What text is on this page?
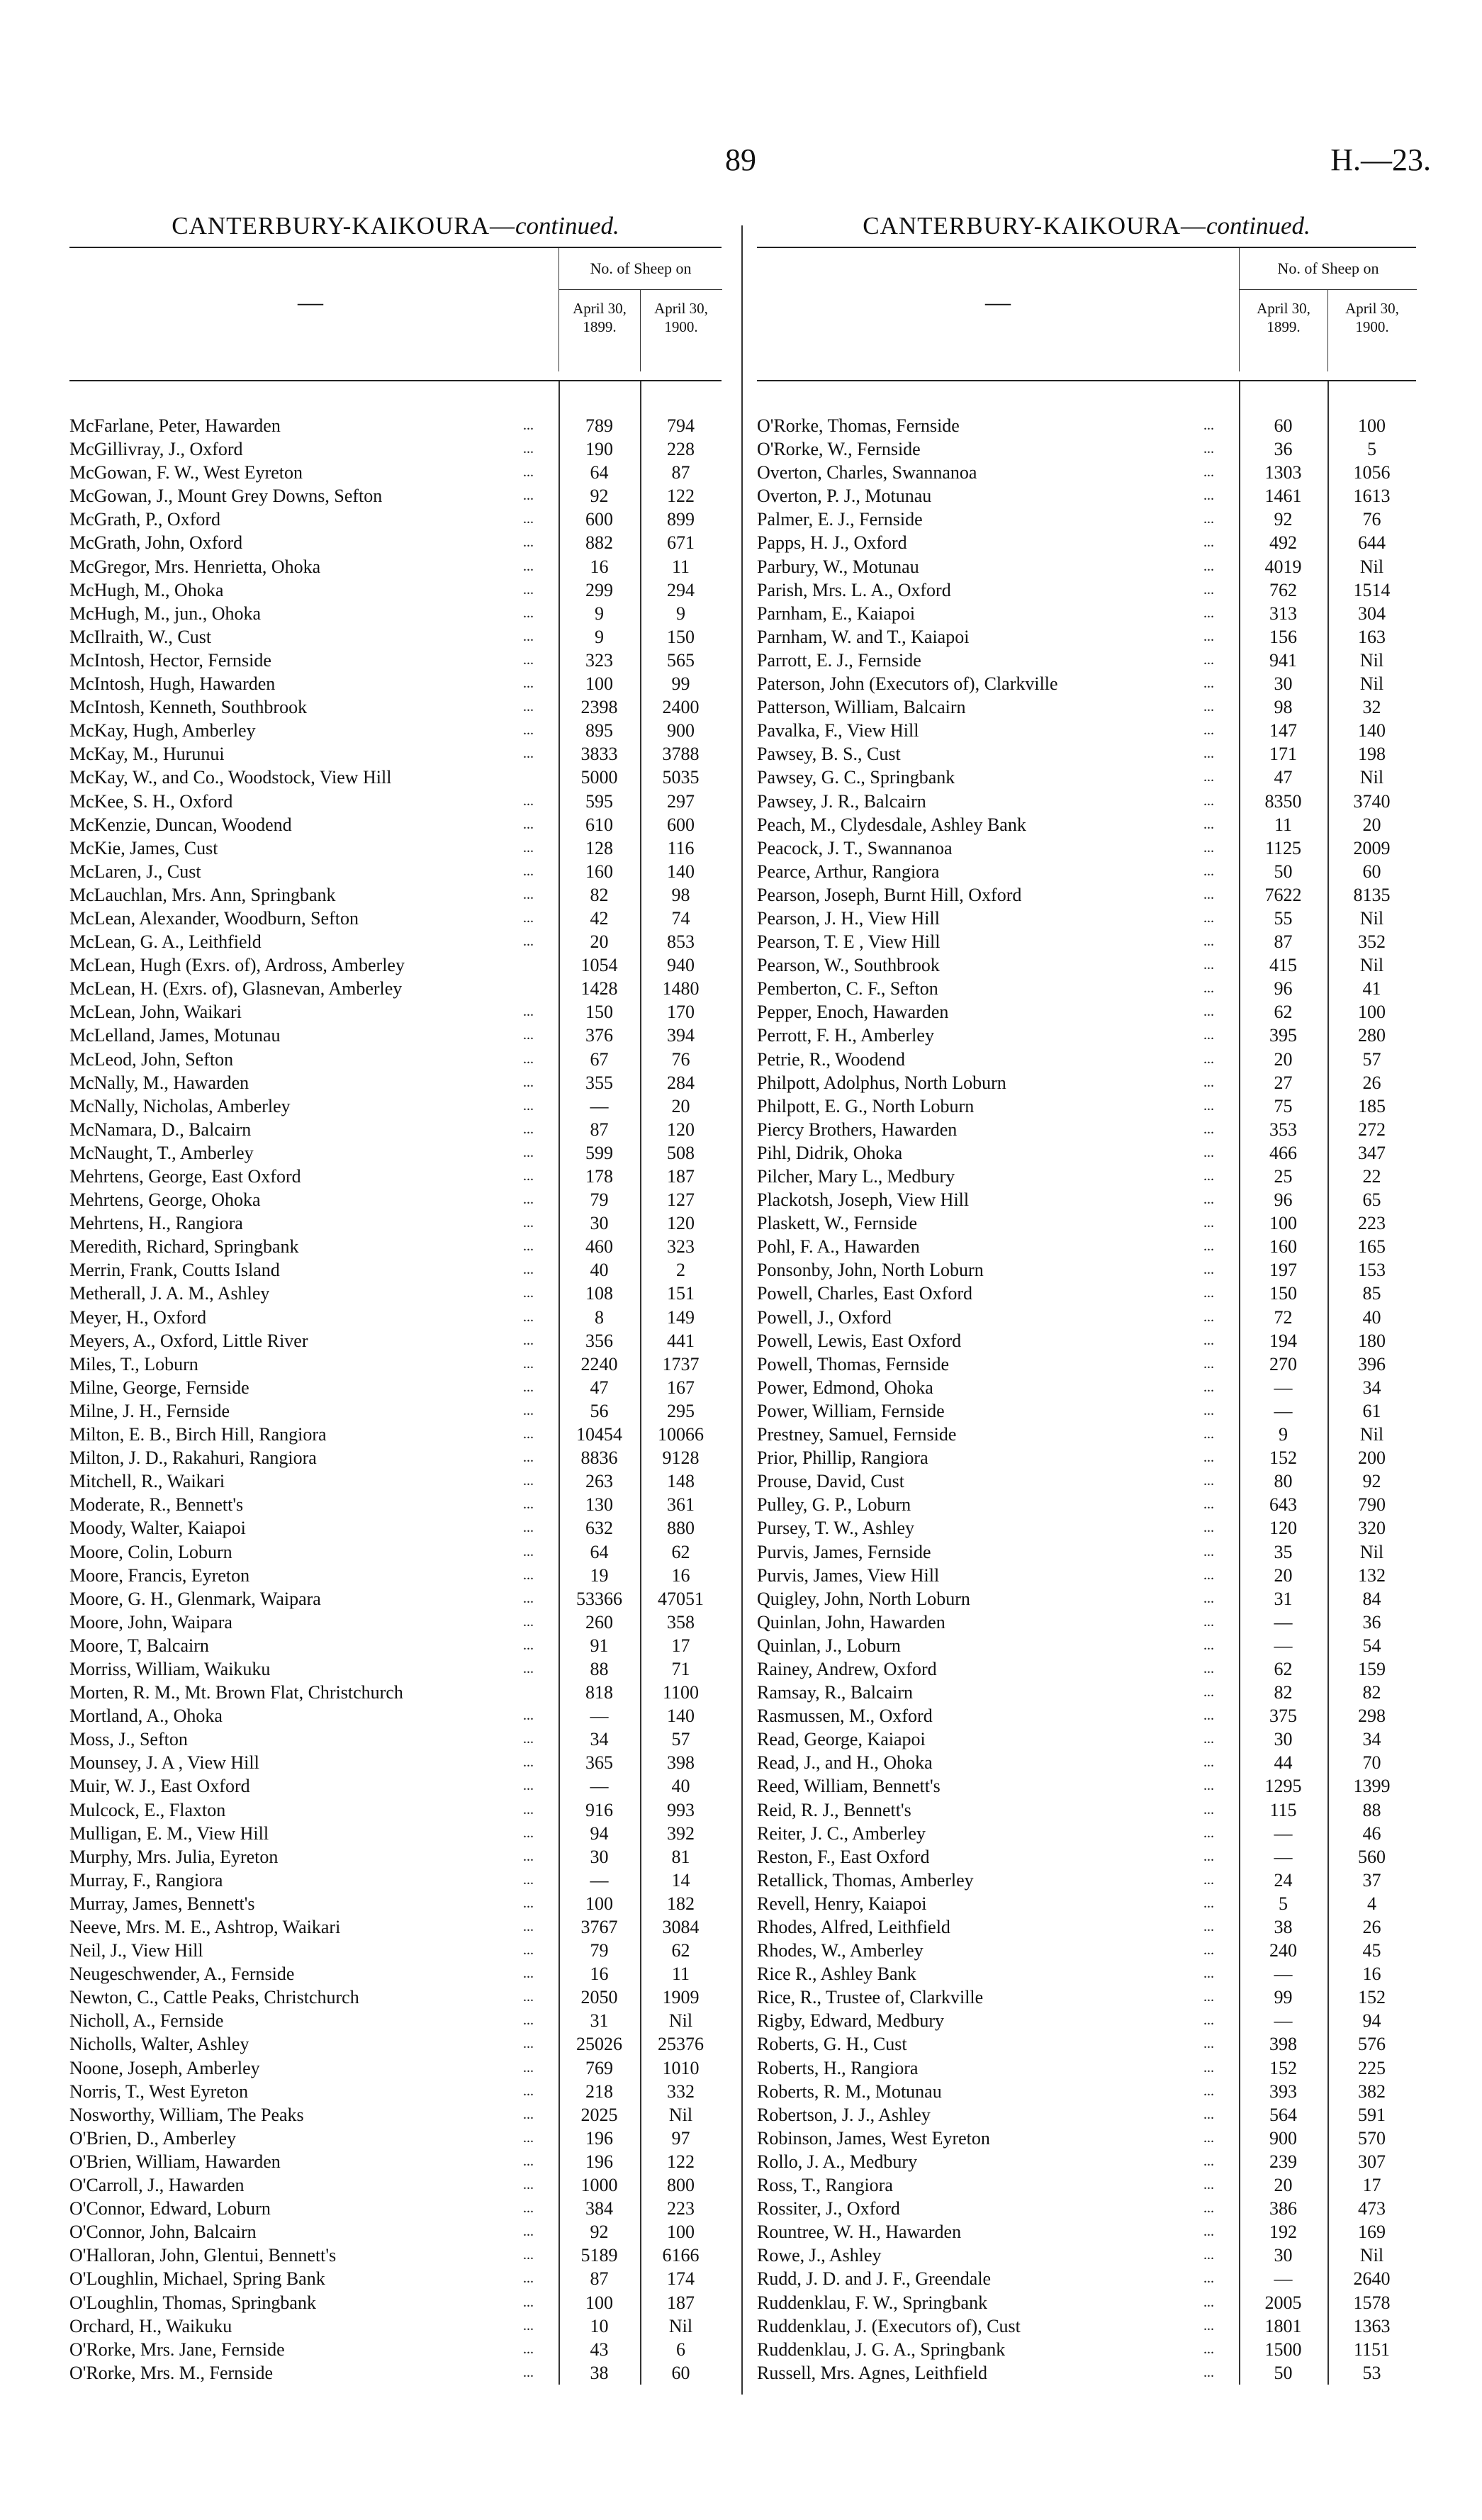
89	H.—23.
CANTERBURY-KAIKOURA—continued.
—
No. of Sheep on
April 30, 1899.
April 30, 1900.
McFarlane, Peter, Hawarden	...	789	794
McGillivray, J., Oxford	...	190	228
McGowan, F. W., West Eyreton	...	64	87
McGowan, J., Mount Grey Downs, Sefton	...	92	122
McGrath, P., Oxford	...	600	899
McGrath, John, Oxford	...	882	671
McGregor, Mrs. Henrietta, Ohoka	...	16	11
McHugh, M., Ohoka	...	299	294
McHugh, M., jun., Ohoka	...	9	9
McIlraith, W., Cust	...	9	150
McIntosh, Hector, Fernside	...	323	565
McIntosh, Hugh, Hawarden	...	100	99
McIntosh, Kenneth, Southbrook	...	2398	2400
McKay, Hugh, Amberley	...	895	900
McKay, M., Hurunui	...	3833	3788
McKay, W., and Co., Woodstock, View Hill	5000	5035
McKee, S. H., Oxford	...	595	297
McKenzie, Duncan, Woodend	...	610	600
McKie, James, Cust	...	128	116
McLaren, J., Cust	...	160	140
McLauchlan, Mrs. Ann, Springbank	...	82	98
McLean, Alexander, Woodburn, Sefton	...	42	74
McLean, G. A., Leithfield	...	20	853
McLean, Hugh (Exrs. of), Ardross, Amberley	1054	940
McLean, H. (Exrs. of), Glasnevan, Amberley	1428	1480
McLean, John, Waikari	...	150	170
McLelland, James, Motunau	...	376	394
McLeod, John, Sefton	...	67	76
McNally, M., Hawarden	...	355	284
McNally, Nicholas, Amberley	...	—	20
McNamara, D., Balcairn	...	87	120
McNaught, T., Amberley	...	599	508
Mehrtens, George, East Oxford	...	178	187
Mehrtens, George, Ohoka	...	79	127
Mehrtens, H., Rangiora	...	30	120
Meredith, Richard, Springbank	...	460	323
Merrin, Frank, Coutts Island	...	40	2
Metherall, J. A. M., Ashley	...	108	151
Meyer, H., Oxford	...	8	149
Meyers, A., Oxford, Little River	...	356	441
Miles, T., Loburn	...	2240	1737
Milne, George, Fernside	...	47	167
Milne, J. H., Fernside	...	56	295
Milton, E. B., Birch Hill, Rangiora	...	10454	10066
Milton, J. D., Rakahuri, Rangiora	...	8836	9128
Mitchell, R., Waikari	...	263	148
Moderate, R., Bennett's	...	130	361
Moody, Walter, Kaiapoi	...	632	880
Moore, Colin, Loburn	...	64	62
Moore, Francis, Eyreton	...	19	16
Moore, G. H., Glenmark, Waipara	...	53366	47051
Moore, John, Waipara	...	260	358
Moore, T, Balcairn	...	91	17
Morriss, William, Waikuku	...	88	71
Morten, R. M., Mt. Brown Flat, Christchurch	818	1100
Mortland, A., Ohoka	...	—	140
Moss, J., Sefton	...	34	57
Mounsey, J. A , View Hill	...	365	398
Muir, W. J., East Oxford	...	—	40
Mulcock, E., Flaxton	...	916	993
Mulligan, E. M., View Hill	...	94	392
Murphy, Mrs. Julia, Eyreton	...	30	81
Murray, F., Rangiora	...	—	14
Murray, James, Bennett's	...	100	182
Neeve, Mrs. M. E., Ashtrop, Waikari	...	3767	3084
Neil, J., View Hill	...	79	62
Neugeschwender, A., Fernside	...	16	11
Newton, C., Cattle Peaks, Christchurch	...	2050	1909
Nicholl, A., Fernside	...	31	Nil
Nicholls, Walter, Ashley	...	25026	25376
Noone, Joseph, Amberley	...	769	1010
Norris, T., West Eyreton	...	218	332
Nosworthy, William, The Peaks	...	2025	Nil
O'Brien, D., Amberley	...	196	97
O'Brien, William, Hawarden	...	196	122
O'Carroll, J., Hawarden	...	1000	800
O'Connor, Edward, Loburn	...	384	223
O'Connor, John, Balcairn	...	92	100
O'Halloran, John, Glentui, Bennett's	...	5189	6166
O'Loughlin, Michael, Spring Bank	...	87	174
O'Loughlin, Thomas, Springbank	...	100	187
Orchard, H., Waikuku	...	10	Nil
O'Rorke, Mrs. Jane, Fernside	...	43	6
O'Rorke, Mrs. M., Fernside	...	38	60
CANTERBURY-KAIKOURA—continued.
—
No. of Sheep on
April 30, 1899.
April 30, 1900.
O'Rorke, Thomas, Fernside	...	60	100
O'Rorke, W., Fernside	...	36	5
Overton, Charles, Swannanoa	...	1303	1056
Overton, P. J., Motunau	...	1461	1613
Palmer, E. J., Fernside	...	92	76
Papps, H. J., Oxford	...	492	644
Parbury, W., Motunau	...	4019	Nil
Parish, Mrs. L. A., Oxford	...	762	1514
Parnham, E., Kaiapoi	...	313	304
Parnham, W. and T., Kaiapoi	...	156	163
Parrott, E. J., Fernside	...	941	Nil
Paterson, John (Executors of), Clarkville	...	30	Nil
Patterson, William, Balcairn	...	98	32
Pavalka, F., View Hill	...	147	140
Pawsey, B. S., Cust	...	171	198
Pawsey, G. C., Springbank	...	47	Nil
Pawsey, J. R., Balcairn	...	8350	3740
Peach, M., Clydesdale, Ashley Bank	...	11	20
Peacock, J. T., Swannanoa	...	1125	2009
Pearce, Arthur, Rangiora	...	50	60
Pearson, Joseph, Burnt Hill, Oxford	...	7622	8135
Pearson, J. H., View Hill	...	55	Nil
Pearson, T. E , View Hill	...	87	352
Pearson, W., Southbrook	...	415	Nil
Pemberton, C. F., Sefton	...	96	41
Pepper, Enoch, Hawarden	...	62	100
Perrott, F. H., Amberley	...	395	280
Petrie, R., Woodend	...	20	57
Philpott, Adolphus, North Loburn	...	27	26
Philpott, E. G., North Loburn	...	75	185
Piercy Brothers, Hawarden	...	353	272
Pihl, Didrik, Ohoka	...	466	347
Pilcher, Mary L., Medbury	...	25	22
Plackotsh, Joseph, View Hill	...	96	65
Plaskett, W., Fernside	...	100	223
Pohl, F. A., Hawarden	...	160	165
Ponsonby, John, North Loburn	...	197	153
Powell, Charles, East Oxford	...	150	85
Powell, J., Oxford	...	72	40
Powell, Lewis, East Oxford	...	194	180
Powell, Thomas, Fernside	...	270	396
Power, Edmond, Ohoka	...	—	34
Power, William, Fernside	...	—	61
Prestney, Samuel, Fernside	...	9	Nil
Prior, Phillip, Rangiora	...	152	200
Prouse, David, Cust	...	80	92
Pulley, G. P., Loburn	...	643	790
Pursey, T. W., Ashley	...	120	320
Purvis, James, Fernside	...	35	Nil
Purvis, James, View Hill	...	20	132
Quigley, John, North Loburn	...	31	84
Quinlan, John, Hawarden	...	—	36
Quinlan, J., Loburn	...	—	54
Rainey, Andrew, Oxford	...	62	159
Ramsay, R., Balcairn	...	82	82
Rasmussen, M., Oxford	...	375	298
Read, George, Kaiapoi	...	30	34
Read, J., and H., Ohoka	...	44	70
Reed, William, Bennett's	...	1295	1399
Reid, R. J., Bennett's	...	115	88
Reiter, J. C., Amberley	...	—	46
Reston, F., East Oxford	...	—	560
Retallick, Thomas, Amberley	...	24	37
Revell, Henry, Kaiapoi	...	5	4
Rhodes, Alfred, Leithfield	...	38	26
Rhodes, W., Amberley	...	240	45
Rice R., Ashley Bank	...	—	16
Rice, R., Trustee of, Clarkville	...	99	152
Rigby, Edward, Medbury	...	—	94
Roberts, G. H., Cust	...	398	576
Roberts, H., Rangiora	...	152	225
Roberts, R. M., Motunau	...	393	382
Robertson, J. J., Ashley	...	564	591
Robinson, James, West Eyreton	...	900	570
Rollo, J. A., Medbury	...	239	307
Ross, T., Rangiora	...	20	17
Rossiter, J., Oxford	...	386	473
Rountree, W. H., Hawarden	...	192	169
Rowe, J., Ashley	...	30	Nil
Rudd, J. D. and J. F., Greendale	...	—	2640
Ruddenklau, F. W., Springbank	...	2005	1578
Ruddenklau, J. (Executors of), Cust	...	1801	1363
Ruddenklau, J. G. A., Springbank	...	1500	1151
Russell, Mrs. Agnes, Leithfield	...	50	53
